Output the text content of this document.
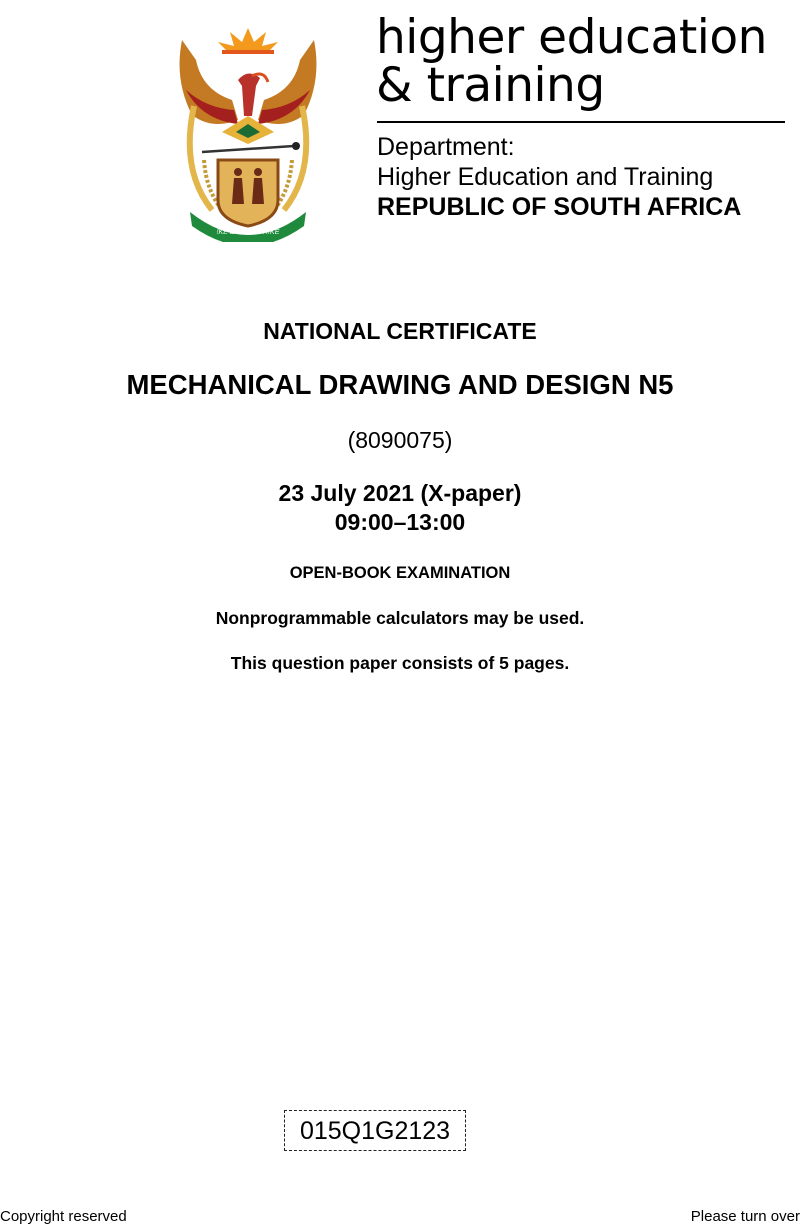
!KE E: /XARRA //KE
higher education
& training
Department:
Higher Education and Training
REPUBLIC OF SOUTH AFRICA
NATIONAL CERTIFICATE
MECHANICAL DRAWING AND DESIGN N5
(8090075)
23 July 2021 (X-paper)
09:00–13:00
OPEN-BOOK EXAMINATION
Nonprogrammable calculators may be used.
This question paper consists of 5 pages.
015Q1G2123
Copyright reserved	Please turn over
